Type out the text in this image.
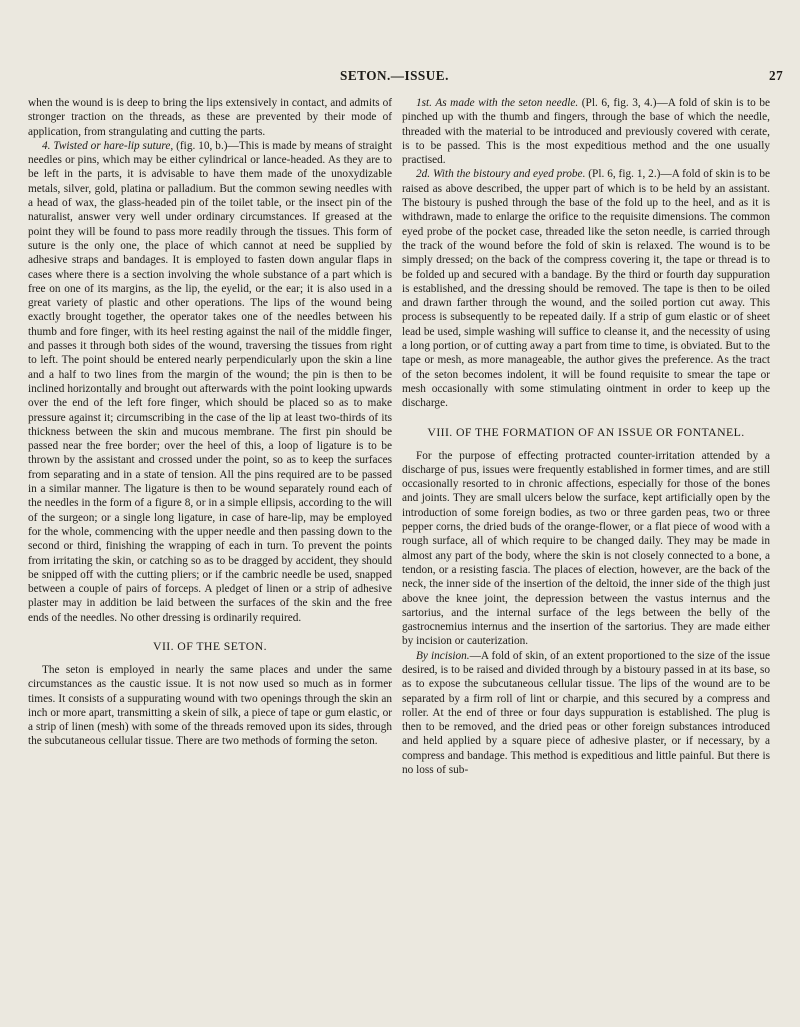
SETON.—ISSUE.	27

when the wound is is deep to bring the lips extensively in contact, and admits of stronger traction on the threads, as these are prevented by their mode of application, from strangulating and cutting the parts.

4. Twisted or hare-lip suture, (fig. 10, b.)—This is made by means of straight needles or pins, which may be either cylindrical or lance-headed. As they are to be left in the parts, it is advisable to have them made of the unoxydizable metals, silver, gold, platina or palladium. But the common sewing needles with a head of wax, the glass-headed pin of the toilet table, or the insect pin of the naturalist, answer very well under ordinary circumstances. If greased at the point they will be found to pass more readily through the tissues. This form of suture is the only one, the place of which cannot at need be supplied by adhesive straps and bandages. It is employed to fasten down angular flaps in cases where there is a section involving the whole substance of a part which is free on one of its margins, as the lip, the eyelid, or the ear; it is also used in a great variety of plastic and other operations. The lips of the wound being exactly brought together, the operator takes one of the needles between his thumb and fore finger, with its heel resting against the nail of the middle finger, and passes it through both sides of the wound, traversing the tissues from right to left. The point should be entered nearly perpendicularly upon the skin a line and a half to two lines from the margin of the wound; the pin is then to be inclined horizontally and brought out afterwards with the point looking upwards over the end of the left fore finger, which should be placed so as to make pressure against it; circumscribing in the case of the lip at least two-thirds of its thickness between the skin and mucous membrane. The first pin should be passed near the free border; over the heel of this, a loop of ligature is to be thrown by the assistant and crossed under the point, so as to keep the surfaces from separating and in a state of tension. All the pins required are to be passed in a similar manner. The ligature is then to be wound separately round each of the needles in the form of a figure 8, or in a simple ellipsis, according to the will of the surgeon; or a single long ligature, in case of hare-lip, may be employed for the whole, commencing with the upper needle and then passing down to the second or third, finishing the wrapping of each in turn. To prevent the points from irritating the skin, or catching so as to be dragged by accident, they should be snipped off with the cutting pliers; or if the cambric needle be used, snapped between a couple of pairs of forceps. A pledget of linen or a strip of adhesive plaster may in addition be laid between the surfaces of the skin and the free ends of the needles. No other dressing is ordinarily required.

VII. OF THE SETON.

The seton is employed in nearly the same places and under the same circumstances as the caustic issue. It is not now used so much as in former times. It consists of a suppurating wound with two openings through the skin an inch or more apart, transmitting a skein of silk, a piece of tape or gum elastic, or a strip of linen (mesh) with some of the threads removed upon its sides, through the subcutaneous cellular tissue. There are two methods of forming the seton.

1st. As made with the seton needle. (Pl. 6, fig. 3, 4.)—A fold of skin is to be pinched up with the thumb and fingers, through the base of which the needle, threaded with the material to be introduced and previously covered with cerate, is to be passed. This is the most expeditious method and the one usually practised.

2d. With the bistoury and eyed probe. (Pl. 6, fig. 1, 2.)—A fold of skin is to be raised as above described, the upper part of which is to be held by an assistant. The bistoury is pushed through the base of the fold up to the heel, and as it is withdrawn, made to enlarge the orifice to the requisite dimensions. The common eyed probe of the pocket case, threaded like the seton needle, is carried through the track of the wound before the fold of skin is relaxed. The wound is to be simply dressed; on the back of the compress covering it, the tape or thread is to be folded up and secured with a bandage. By the third or fourth day suppuration is established, and the dressing should be removed. The tape is then to be oiled and drawn farther through the wound, and the soiled portion cut away. This process is subsequently to be repeated daily. If a strip of gum elastic or of sheet lead be used, simple washing will suffice to cleanse it, and the necessity of using a long portion, or of cutting away a part from time to time, is obviated. But to the tape or mesh, as more manageable, the author gives the preference. As the tract of the seton becomes indolent, it will be found requisite to smear the tape or mesh occasionally with some stimulating ointment in order to keep up the discharge.

VIII. OF THE FORMATION OF AN ISSUE OR FONTANEL.

For the purpose of effecting protracted counter-irritation attended by a discharge of pus, issues were frequently established in former times, and are still occasionally resorted to in chronic affections, especially for those of the bones and joints. They are small ulcers below the surface, kept artificially open by the introduction of some foreign bodies, as two or three garden peas, two or three pepper corns, the dried buds of the orange-flower, or a flat piece of wood with a rough surface, all of which require to be changed daily. They may be made in almost any part of the body, where the skin is not closely connected to a bone, a tendon, or a resisting fascia. The places of election, however, are the back of the neck, the inner side of the insertion of the deltoid, the inner side of the thigh just above the knee joint, the depression between the vastus internus and the sartorius, and the internal surface of the legs between the belly of the gastrocnemius internus and the insertion of the sartorius. They are made either by incision or cauterization.

By incision.—A fold of skin, of an extent proportioned to the size of the issue desired, is to be raised and divided through by a bistoury passed in at its base, so as to expose the subcutaneous cellular tissue. The lips of the wound are to be separated by a firm roll of lint or charpie, and this secured by a compress and roller. At the end of three or four days suppuration is established. The plug is then to be removed, and the dried peas or other foreign substances introduced and held applied by a square piece of adhesive plaster, or if necessary, by a compress and bandage. This method is expeditious and little painful. But there is no loss of sub-
